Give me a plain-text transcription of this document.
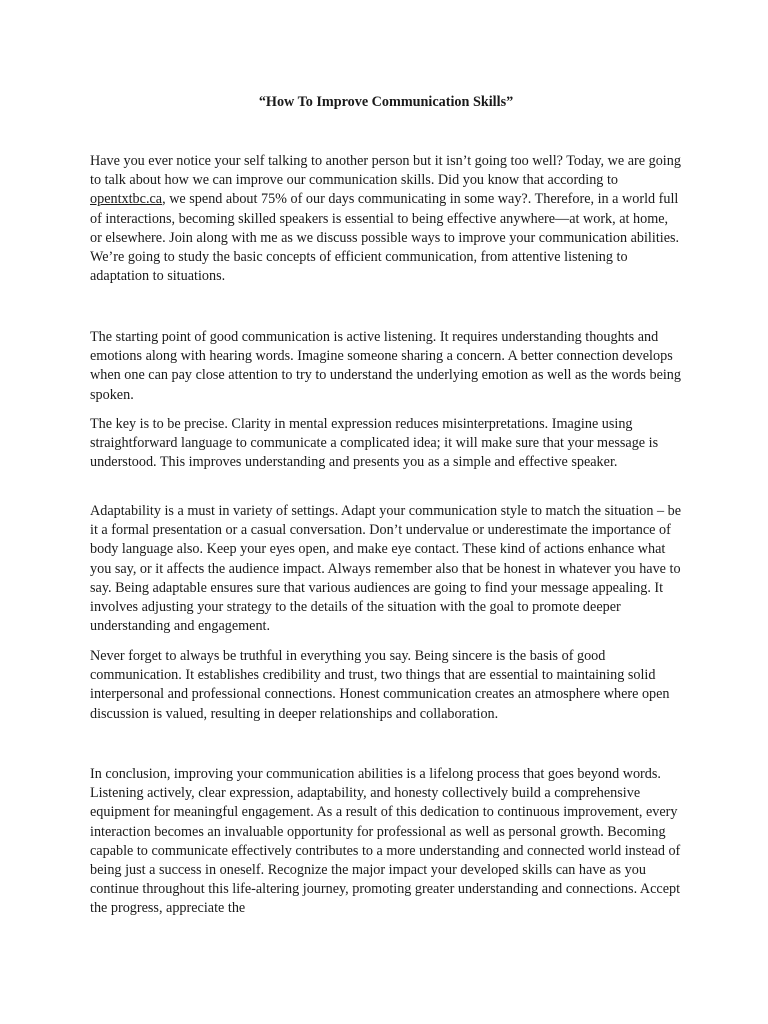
“How To Improve Communication Skills”

Have you ever notice your self talking to another person but it isn’t going too well? Today, we are going to talk about how we can improve our communication skills. Did you know that according to opentxtbc.ca, we spend about 75% of our days communicating in some way?. Therefore, in a world full of interactions, becoming skilled speakers is essential to being effective anywhere—at work, at home, or elsewhere. Join along with me as we discuss possible ways to improve your communication abilities. We’re going to study the basic concepts of efficient communication, from attentive listening to adaptation to situations.

The starting point of good communication is active listening. It requires understanding thoughts and emotions along with hearing words. Imagine someone sharing a concern. A better connection develops when one can pay close attention to try to understand the underlying emotion as well as the words being spoken.

The key is to be precise. Clarity in mental expression reduces misinterpretations. Imagine using straightforward language to communicate a complicated idea; it will make sure that your message is understood. This improves understanding and presents you as a simple and effective speaker.

Adaptability is a must in variety of settings. Adapt your communication style to match the situation – be it a formal presentation or a casual conversation. Don’t undervalue or underestimate the importance of body language also. Keep your eyes open, and make eye contact. These kind of actions enhance what you say, or it affects the audience impact. Always remember also that be honest in whatever you have to say. Being adaptable ensures sure that various audiences are going to find your message appealing. It involves adjusting your strategy to the details of the situation with the goal to promote deeper understanding and engagement.

Never forget to always be truthful in everything you say. Being sincere is the basis of good communication. It establishes credibility and trust, two things that are essential to maintaining solid interpersonal and professional connections. Honest communication creates an atmosphere where open discussion is valued, resulting in deeper relationships and collaboration.

In conclusion, improving your communication abilities is a lifelong process that goes beyond words. Listening actively, clear expression, adaptability, and honesty collectively build a comprehensive equipment for meaningful engagement. As a result of this dedication to continuous improvement, every interaction becomes an invaluable opportunity for professional as well as personal growth. Becoming capable to communicate effectively contributes to a more understanding and connected world instead of being just a success in oneself. Recognize the major impact your developed skills can have as you continue throughout this life-altering journey, promoting greater understanding and connections. Accept the progress, appreciate the
